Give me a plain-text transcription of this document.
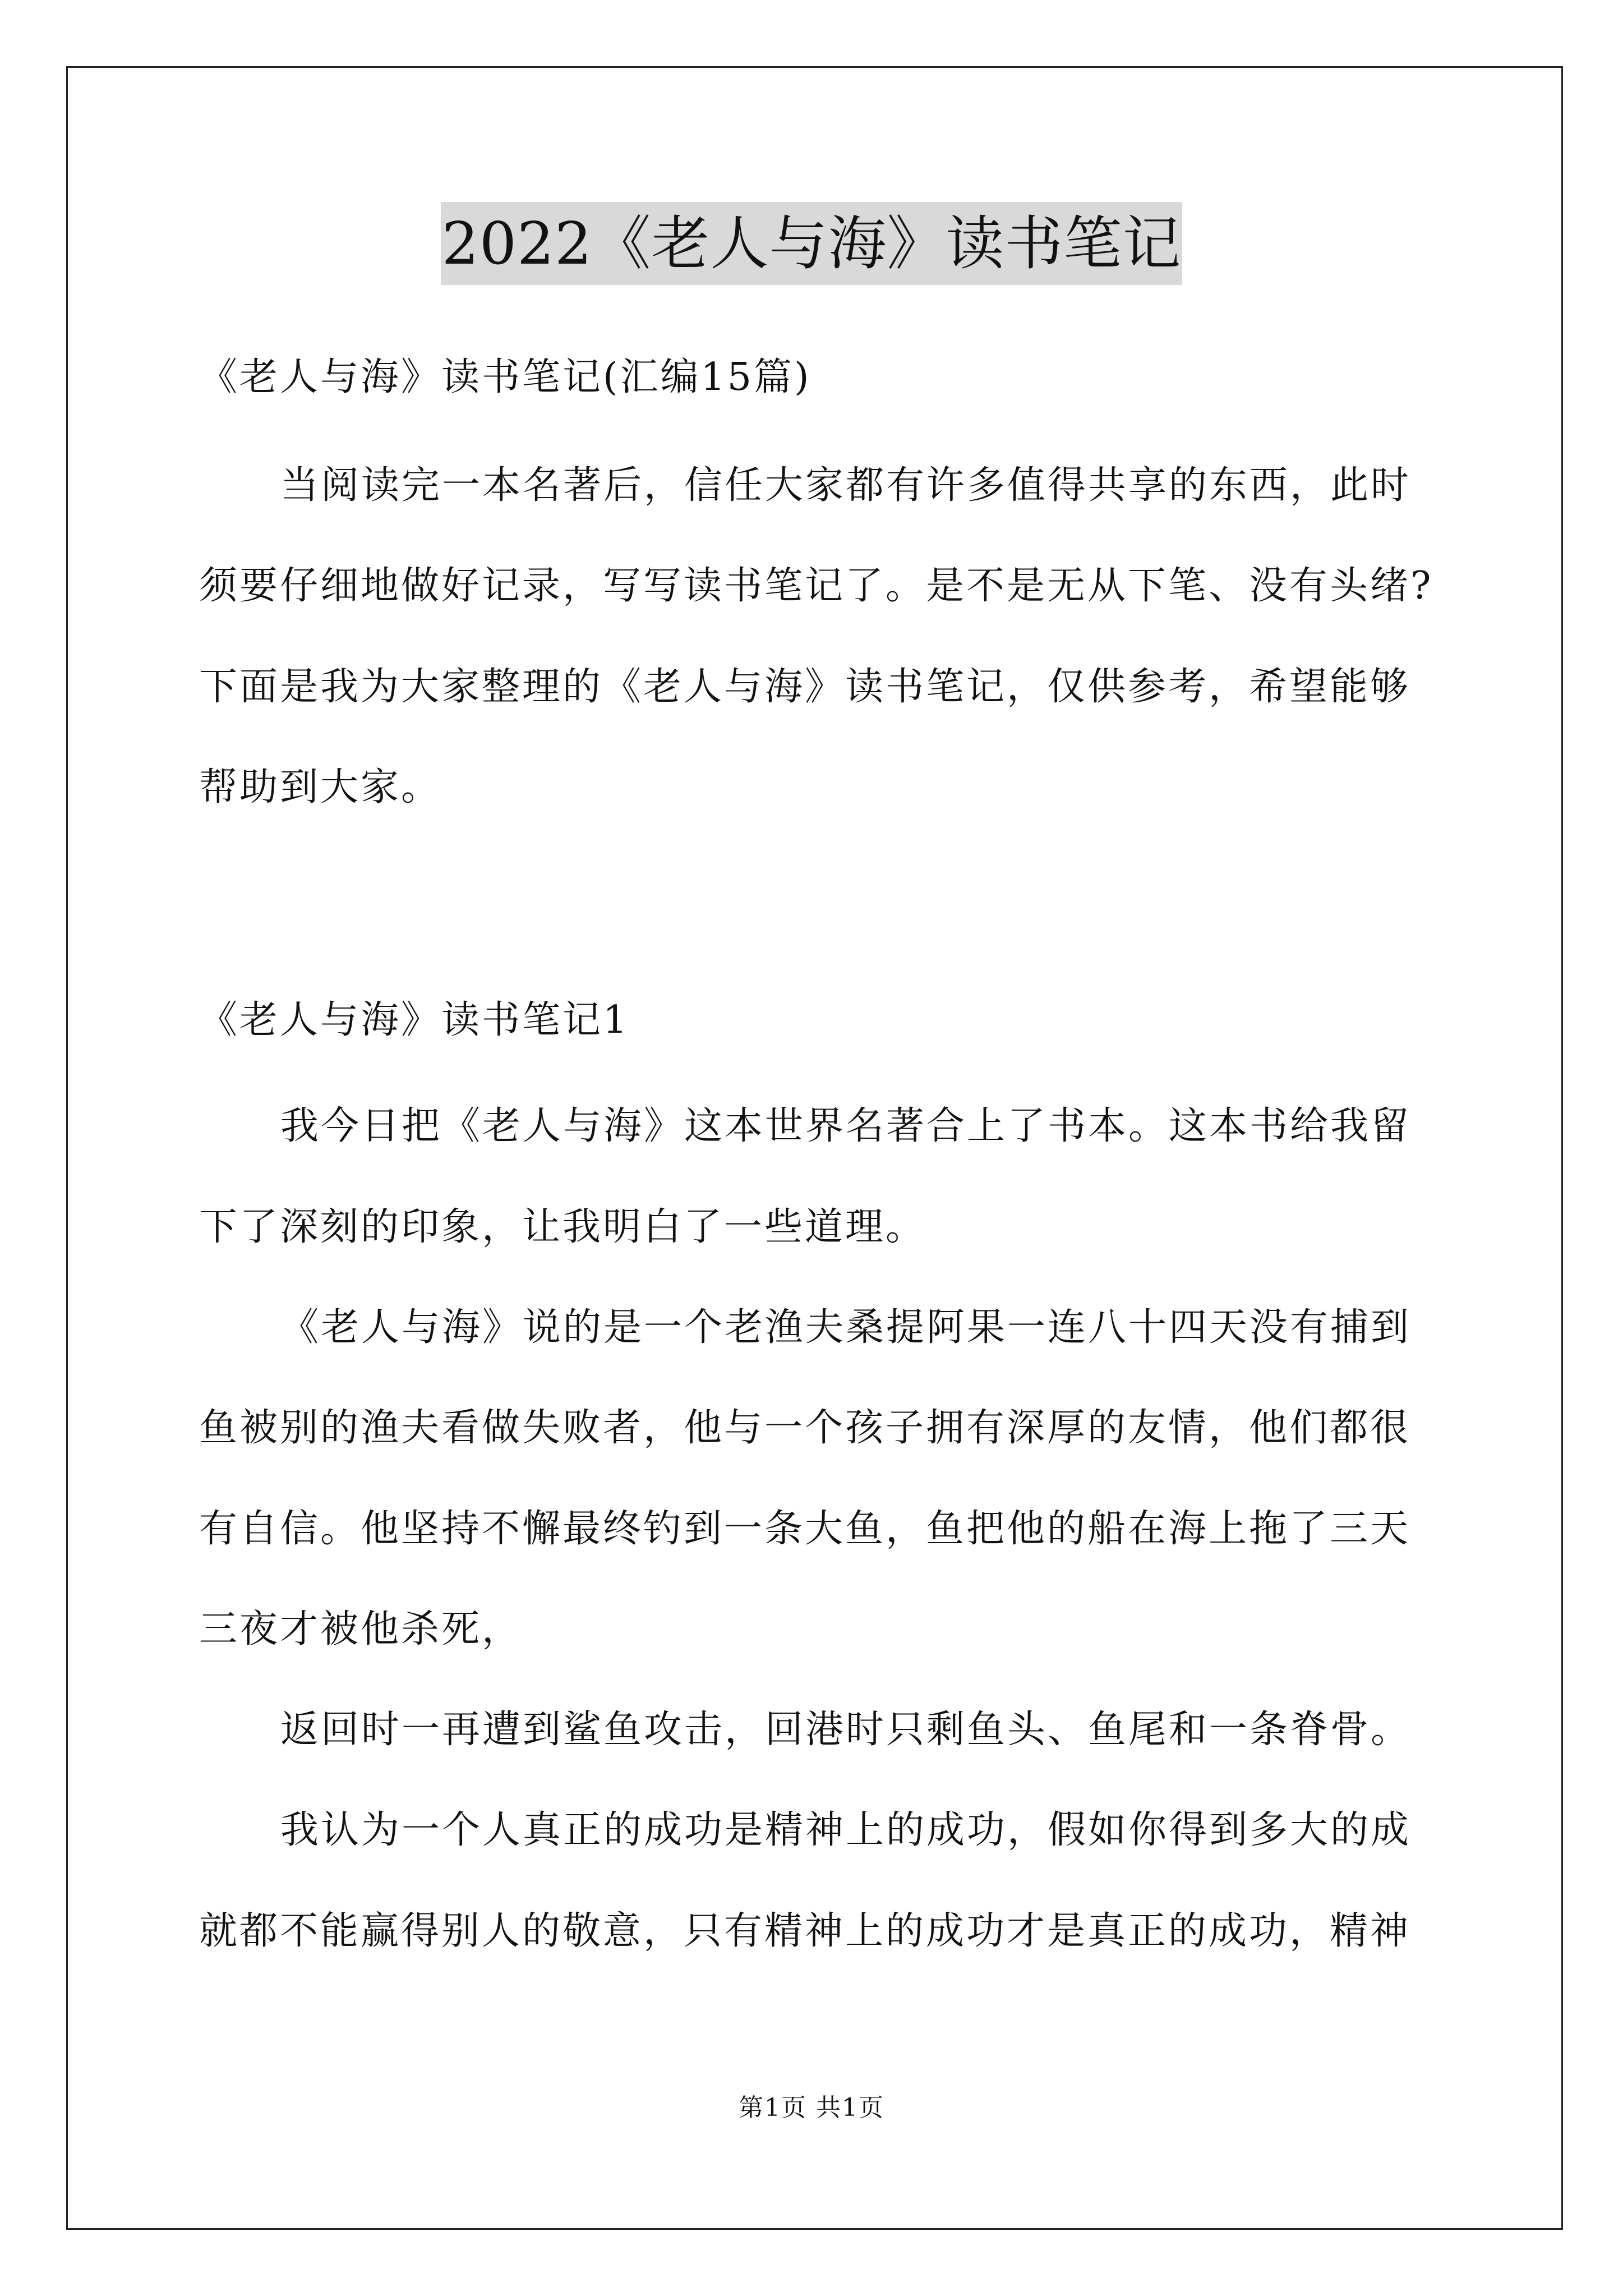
2022《老人与海》读书笔记
《老人与海》读书笔记(汇编15篇)
当阅读完一本名著后，信任大家都有许多值得共享的东西，此时
须要仔细地做好记录，写写读书笔记了。是不是无从下笔、没有头绪?
下面是我为大家整理的《老人与海》读书笔记，仅供参考，希望能够
帮助到大家。
《老人与海》读书笔记1
我今日把《老人与海》这本世界名著合上了书本。这本书给我留
下了深刻的印象，让我明白了一些道理。
《老人与海》说的是一个老渔夫桑提阿果一连八十四天没有捕到
鱼被别的渔夫看做失败者，他与一个孩子拥有深厚的友情，他们都很
有自信。他坚持不懈最终钓到一条大鱼，鱼把他的船在海上拖了三天
三夜才被他杀死，
返回时一再遭到鲨鱼攻击，回港时只剩鱼头、鱼尾和一条脊骨。
我认为一个人真正的成功是精神上的成功，假如你得到多大的成
就都不能赢得别人的敬意，只有精神上的成功才是真正的成功，精神
第1页 共1页
